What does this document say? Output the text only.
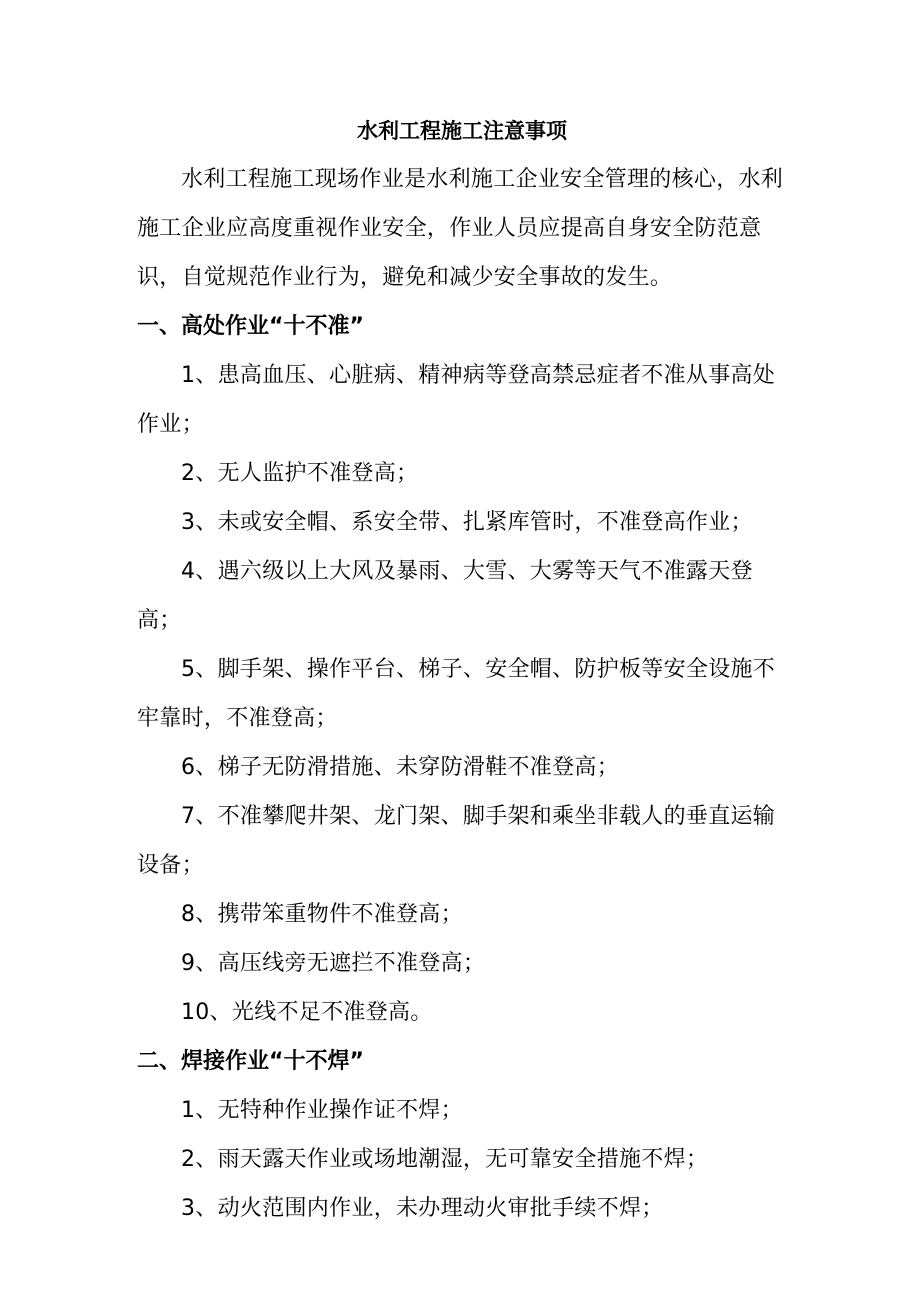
水利工程施工注意事项

水利工程施工现场作业是水利施工企业安全管理的核心，水利施工企业应高度重视作业安全，作业人员应提高自身安全防范意识，自觉规范作业行为，避免和减少安全事故的发生。

一、高处作业“十不准”

1、患高血压、心脏病、精神病等登高禁忌症者不准从事高处作业；

2、无人监护不准登高；

3、未或安全帽、系安全带、扎紧库管时，不准登高作业；

4、遇六级以上大风及暴雨、大雪、大雾等天气不准露天登高；

5、脚手架、操作平台、梯子、安全帽、防护板等安全设施不牢靠时，不准登高；

6、梯子无防滑措施、未穿防滑鞋不准登高；

7、不准攀爬井架、龙门架、脚手架和乘坐非载人的垂直运输设备；

8、携带笨重物件不准登高；

9、高压线旁无遮拦不准登高；

10、光线不足不准登高。

二、焊接作业“十不焊”

1、无特种作业操作证不焊；

2、雨天露天作业或场地潮湿，无可靠安全措施不焊；

3、动火范围内作业，未办理动火审批手续不焊；
